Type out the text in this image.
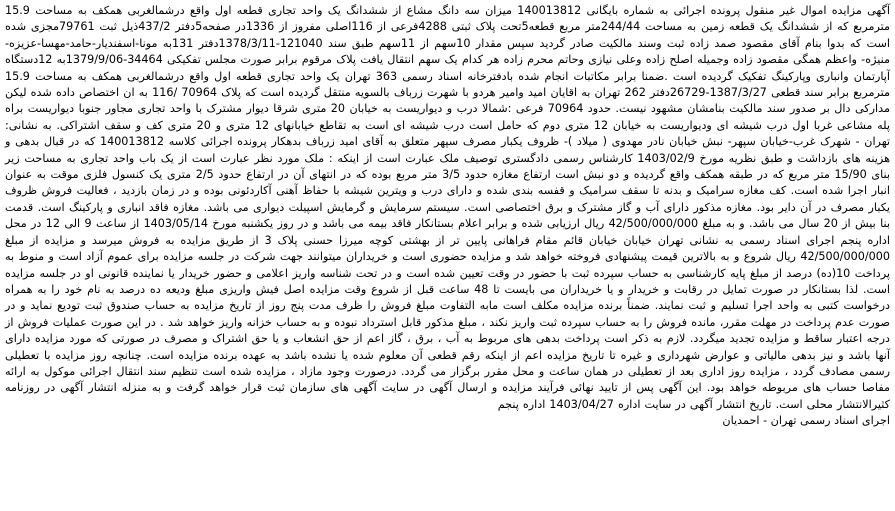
آگهی مزایده اموال غیر منقول پرونده اجرائی به شماره بایگانی 140013812 میزان سه دانگ مشاع از ششدانگ یک واحد تجاری قطعه اول واقع درشمالغربی همکف به مساحت 15.9 مترمربع که از ششدانگ یک قطعه زمین به مساحت 244/44متر مربع قطعه5تحت پلاک ثبتی 4288فرعی از 116اصلی مفروز از 1336در صفحه5دفتر 437/2ذیل ثبت 79761مجزی شده است که بدوا بنام آقای مقصود صمد زاده ثبت وسند مالکیت صادر گردید سپس مقدار 10سهم از 11سهم طبق سند 121040-1378/3/11دفتر 131به مونا-اسفندیار-حامد-مهسا-عزیزه-منیژه- واعظم همگی مقصود زاده وجمیله اصلح زاده وعلی نیازی وحاتم محرم زاده هر کدام یک سهم انتقال یافت پلاک مرقوم برابر صورت مجلس تفکیکی 34464-1379/9/06به 12دستگاه آپارتمان وانباری وپارکینگ تفکیک گردیده است .ضمنا برابر مکاتبات انجام شده بادفترخانه اسناد رسمی 363 تهران یک واحد تجاری قطعه اول واقع درشمالغربی همکف به مساحت 15.9 مترمربع برابر سند قطعی 1387/3/27-26729دفتر 262 تهران به اقایان امید وامیر هردو با شهرت زرباف بالسویه منتقل گردیده است که پلاک 70964 /116 به ان اختصاص داده شده لیکن مدارکی دال بر صدور سند مالکیت بنامشان مشهود نیست. حدود 70964 فرعی :شمالا درب و دیواریست به خیابان 20 متری شرقا دیوار مشترک با واحد تجاری مجاور جنوبا دیواریست براه پله مشاعی غربا اول درب شیشه ای ودیواریست به خیابان 12 متری دوم که حامل است درب شیشه ای است به تقاطع خیابانهای 12 متری و 20 متری کف و سقف اشتراکی. به نشانی: تهران - شهرک غرب-خیابان سپهر- نبش خیابان نادر مهدوی ( میلاد )- ظروف یکبار مصرف سپهر متعلق به آقای امید زرباف بدهکار پرونده اجرائی کلاسه 140013812 که در قبال بدهی و هزینه های بازداشت و طبق نظریه مورخ 1403/02/9 کارشناس رسمی دادگستری توصیف ملک عبارت است از اینکه : ملک مورد نظر عبارت است از یک باب واحد تجاری به مساحت زیر بنای 15/90 متر مربع که در طبقه همکف واقع گردیده و دو نبش است ارتفاع مغازه حدود 3/5 متر مربع بوده که در انتهای آن در ارتفاع حدود 2/5 متری یک کنسول فلزی موقت به عنوان انبار اجرا شده است. کف مغازه سرامیک و بدنه تا سقف سرامیک و قفسه بندی شده و دارای درب و ویترین شیشه با حفاظ آهنی آکاردئونی بوده و در زمان بازدید ، فعالیت فروش ظروف یکبار مصرف در آن دایر بود. مغازه مذکور دارای آب و گاز مشترک و برق اختصاصی است. سیستم سرمایش و گرمایش اسپیلت دیواری می باشد. مغازه فاقد انباری و پارکینگ است. قدمت بنا بیش از 20 سال می باشد. و به مبلغ 42/500/000/000 ریال ارزیابی شده و برابر اعلام بستانکار فاقد بیمه می باشد و در روز یکشنبه مورخ 1403/05/14 از ساعت 9 الی 12 در محل اداره پنجم اجرای اسناد رسمی به نشانی تهران خیابان خیابان قائم مقام فراهانی پایین تر از بهشتی کوچه میرزا حسنی پلاک 3 از طریق مزایده به فروش میرسد و مزایده از مبلغ 42/500/000/000 ریال شروع و به بالاترین قیمت پیشنهادی فروخته خواهد شد و مزایده حضوری است و خریداران میتوانند جهت شرکت در جلسه مزایده برای عموم آزاد است و منوط به پرداخت 10(ده) درصد از مبلغ پایه کارشناسی به حساب سپرده ثبت با حضور در وقت تعیین شده است و در تحت شناسه واریز اعلامی و حضور خریدار یا نماینده قانونی او در جلسه مزایده است. لذا بستانکار در صورت تمایل در رقابت و خریدار و یا خریداران می بایست تا 48 ساعت قبل از شروع وقت مزایده اصل فیش واریزی مبلغ ودیعه ده درصد به نام خود را به همراه درخواست کتبی به واحد اجرا تسلیم و ثبت نمایند. ضمناً برنده مزایده مکلف است مابه التفاوت مبلغ فروش را ظرف مدت پنج روز از تاریخ مزایده به حساب صندوق ثبت تودیع نماید و در صورت عدم پرداخت در مهلت مقرر، مانده فروش را به حساب سپرده ثبت واریز نکند ، مبلغ مذکور قابل استرداد نبوده و به حساب خزانه واریز خواهد شد . در این صورت عملیات فروش از درجه اعتبار ساقط و مزایده تجدید میگردد. لازم به ذکر است پرداخت بدهی های مربوط به آب ، برق ، گاز اعم از حق انشعاب و یا حق اشتراک و مصرف در صورتی که مورد مزایده دارای آنها باشد و نیز بدهی مالیاتی و عوارض شهرداری و غیره تا تاریخ مزایده اعم از اینکه رقم قطعی آن معلوم شده یا نشده باشد به عهده برنده مزایده است. چنانچه روز مزایده با تعطیلی رسمی مصادف گردد ، مزایده روز اداری بعد از تعطیلی در همان ساعت و محل مقرر برگزار می گردد. درصورت وجود مازاد ، مزایده شده است تنظیم سند انتقال اجرائی موکول به ارائه مفاصا حساب های مربوطه خواهد بود. این آگهی پس از تایید نهائی فرآیند مزایده و ارسال آگهی در سایت آگهی های سازمان ثبت قرار خواهد گرفت و به منزله انتشار آگهی در روزنامه کثیرالانتشار محلی است. تاریخ انتشار آگهی در سایت اداره 1403/04/27 اداره پنجم

اجرای اسناد رسمی تهران - احمدیان
